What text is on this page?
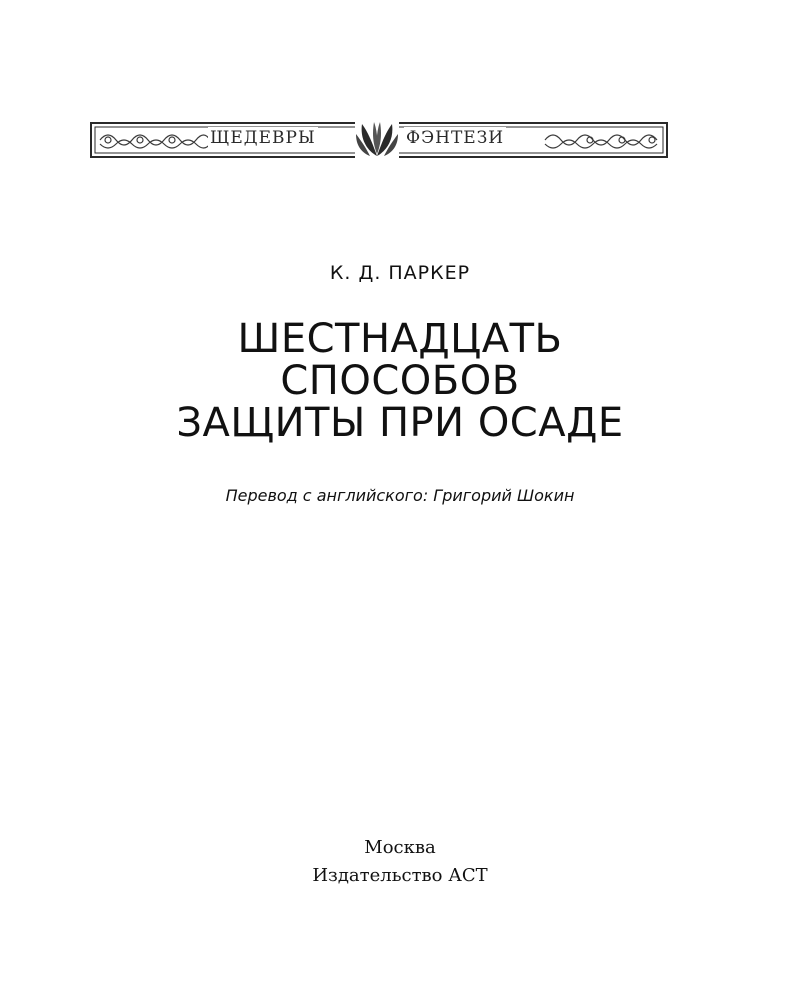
ЩЕДЕВРЫ	ФЭНТЕЗИ
К. Д. ПАРКЕР
ШЕСТНАДЦАТЬ
СПОСОБОВ
ЗАЩИТЫ ПРИ ОСАДЕ
Перевод с английского: Григорий Шокин
Москва
Издательство АСТ
